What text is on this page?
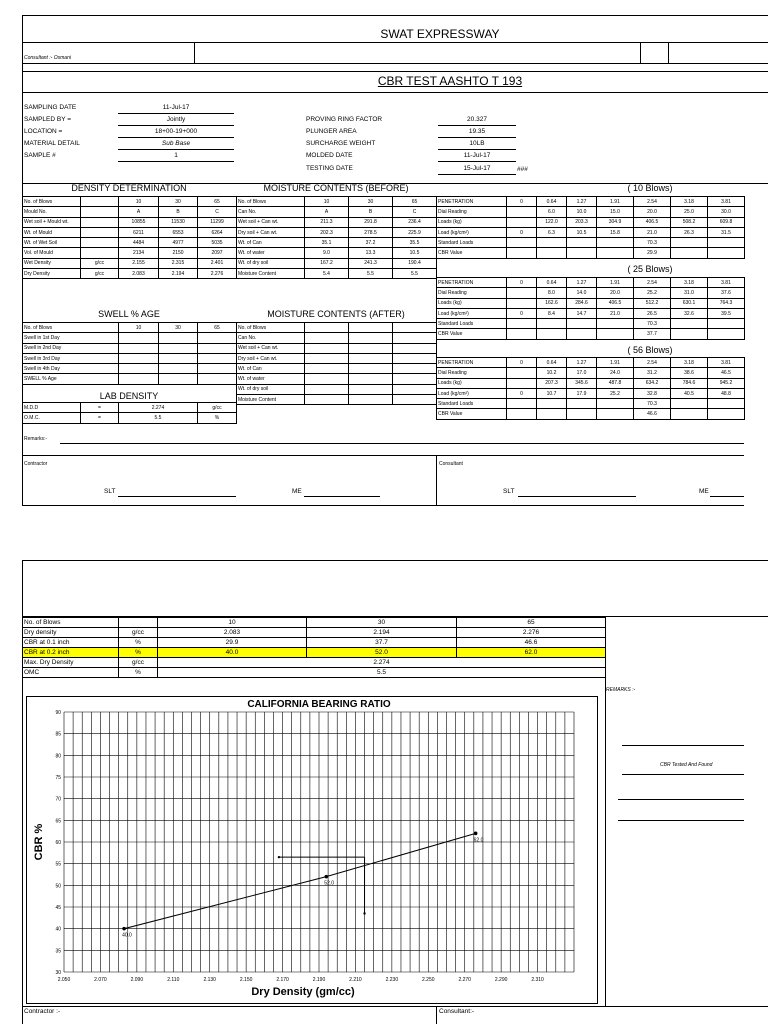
SWAT EXPRESSWAY
Consultant :- Osmani
CBR TEST AASHTO T 193
SAMPLING DATE	11-Jul-17
SAMPLED BY =	Jointly
LOCATION =	18+00-19+000
MATERIAL DETAIL	Sub Base
SAMPLE #	1
PROVING RING FACTOR	20.327
PLUNGER AREA	19.35
SURCHARGE WEIGHT	10LB
MOLDED DATE	11-Jul-17
TESTING DATE	15-Jul-17	###
DENSITY DETERMINATION	MOISTURE CONTENTS (BEFORE)	( 10 Blows)
( 25 Blows)
( 56 Blows)
SWELL % AGE	MOISTURE CONTENTS (AFTER)
LAB DENSITY
No. of Blows		10	30	65
Mould No.		A	B	C
Wet soil + Mould wt.		10855	11530	11299
Wt. of Mould		6211	6553	6264
Wt. of Wet Soil		4484	4977	5035
Vol. of Mould		2134	2150	2097
Wet Density	g/cc	2.155	2.315	2.401
Dry Density	g/cc	2.083	2.194	2.276
No. of Blows	10	30	65
Can No.	A	B	C
Wet soil + Can wt.	211.3	291.8	236.4
Dry soil + Can wt.	202.3	278.5	225.9
Wt. of Can	35.1	37.2	35.5
Wt. of water	9.0	13.3	10.5
Wt. of dry soil	167.2	241.3	190.4
Moisture Content	5.4	5.5	5.5
PENETRATION	0	0.64	1.27	1.91	2.54	3.18	3.81
Dial Reading		6.0	10.0	15.0	20.0	25.0	30.0
Loads (kg)		122.0	203.3	304.9	406.5	508.2	609.8
Load (kg/cm²)	0	6.3	10.5	15.8	21.0	26.3	31.5
Standard Loads					70.3		
CBR Value					29.9		
PENETRATION	0	0.64	1.27	1.91	2.54	3.18	3.81
Dial Reading		8.0	14.0	20.0	25.2	31.0	37.6
Loads (kg)		162.6	284.6	406.5	512.2	630.1	764.3
Load (kg/cm²)	0	8.4	14.7	21.0	26.5	32.6	39.5
Standard Loads					70.3		
CBR Value					37.7		
PENETRATION	0	0.64	1.27	1.91	2.54	3.18	3.81
Dial Reading		10.2	17.0	24.0	31.2	38.6	46.5
Loads (kg)		207.3	345.6	487.8	634.2	784.6	945.2
Load (kg/cm²)	0	10.7	17.9	25.2	32.8	40.5	48.8
Standard Loads					70.3		
CBR Value					46.6		
No. of Blows	10	30	65
Swell in 1st Day			
Swell in 2nd Day			
Swell in 3rd Day			
Swell in 4th Day			
SWELL % Age			
M.D.D	=	2.274	g/cc
O.M.C.	=	5.5	%
No. of Blows			
Can No.			
Wet soil + Can wt.			
Dry soil + Can wt.			
Wt. of Can			
Wt. of water			
Wt. of dry soil			
Moisture Content			
Remarks:-
Contractor	Consultant
SLT	ME	SLT	ME
No. of Blows		10	30	65
Dry density	g/cc	2.083	2.194	2.276
CBR at 0.1 inch	%	29.9	37.7	46.6
CBR at 0.2 inch	%	40.0	52.0	62.0
Max. Dry Density	g/cc	2.274		
OMC	%	5.5		
REMARKS :-
CBR Tested And Found
2.050	2.070	2.090	2.110	2.130	2.150	2.170	2.190	2.210	2.230	2.250	2.270	2.290	2.310
30
35
40
45
50
55
60
65
70
75
80
85
90
CALIFORNIA BEARING RATIO
Dry Density (gm/cc)
CBR %
40.0
52.0
62.0
Contractor :-	Consultant:-
